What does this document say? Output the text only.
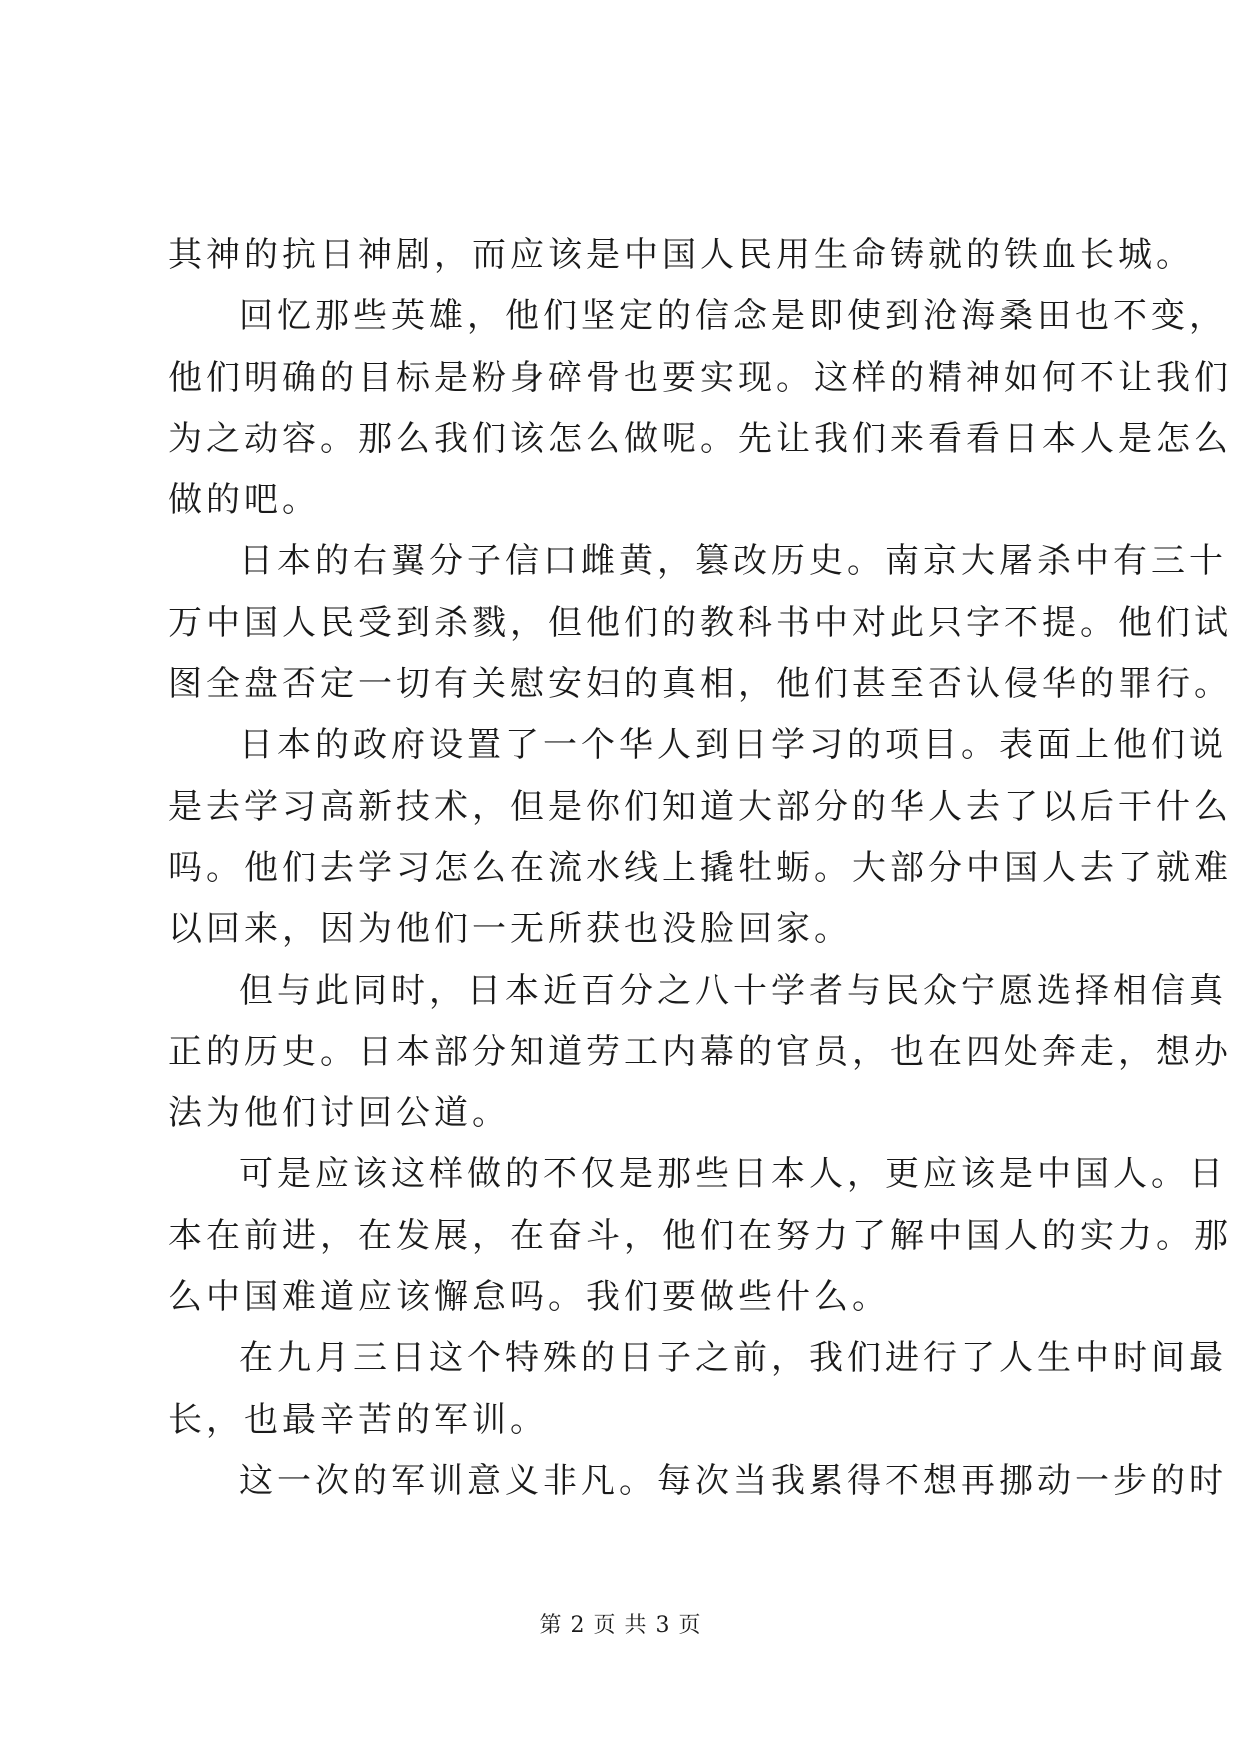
其神的抗日神剧，而应该是中国人民用生命铸就的铁血长城。
回忆那些英雄，他们坚定的信念是即使到沧海桑田也不变，
他们明确的目标是粉身碎骨也要实现。这样的精神如何不让我们
为之动容。那么我们该怎么做呢。先让我们来看看日本人是怎么
做的吧。
日本的右翼分子信口雌黄，篡改历史。南京大屠杀中有三十
万中国人民受到杀戮，但他们的教科书中对此只字不提。他们试
图全盘否定一切有关慰安妇的真相，他们甚至否认侵华的罪行。
日本的政府设置了一个华人到日学习的项目。表面上他们说
是去学习高新技术，但是你们知道大部分的华人去了以后干什么
吗。他们去学习怎么在流水线上撬牡蛎。大部分中国人去了就难
以回来，因为他们一无所获也没脸回家。
但与此同时，日本近百分之八十学者与民众宁愿选择相信真
正的历史。日本部分知道劳工内幕的官员，也在四处奔走，想办
法为他们讨回公道。
可是应该这样做的不仅是那些日本人，更应该是中国人。日
本在前进，在发展，在奋斗，他们在努力了解中国人的实力。那
么中国难道应该懈怠吗。我们要做些什么。
在九月三日这个特殊的日子之前，我们进行了人生中时间最
长，也最辛苦的军训。
这一次的军训意义非凡。每次当我累得不想再挪动一步的时
第 2 页 共 3 页
